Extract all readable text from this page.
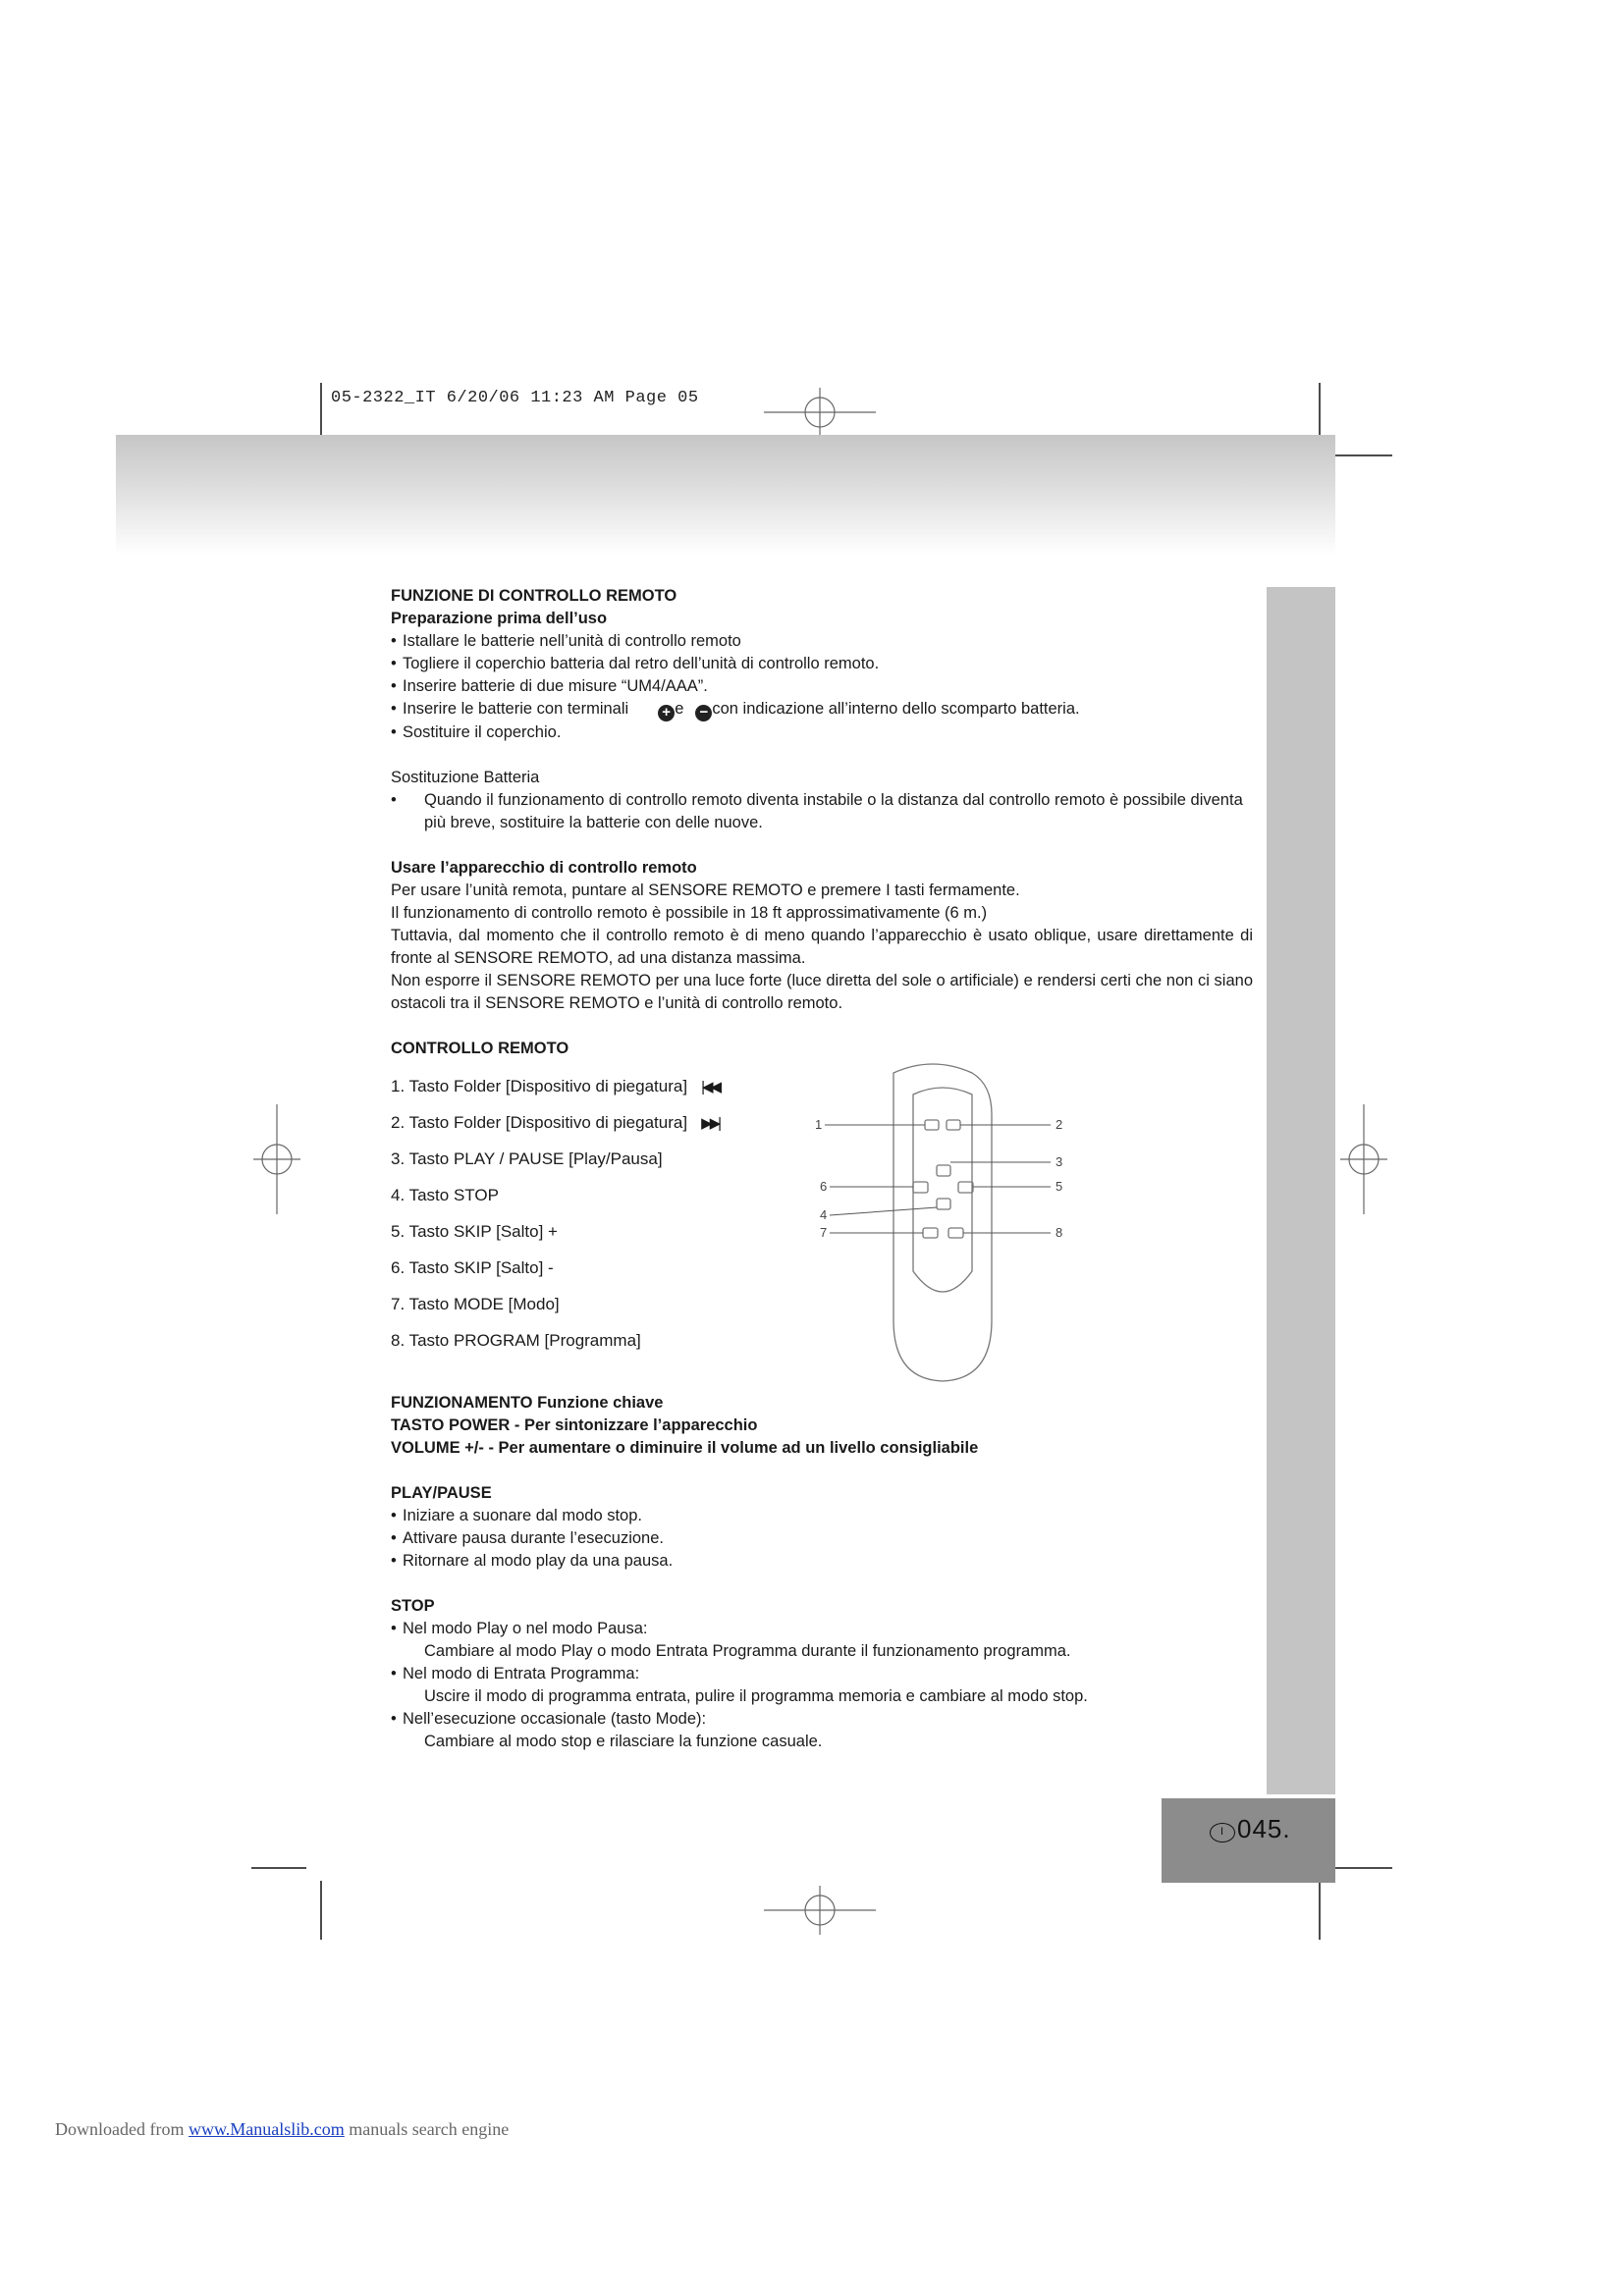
05-2322_IT 6/20/06 11:23 AM Page 05
I 045.

FUNZIONE DI CONTROLLO REMOTO

Preparazione prima dell’uso

• Istallare le batterie nell’unità di controllo remoto
• Togliere il coperchio batteria dal retro dell’unità di controllo remoto.
• Inserire batterie di due misure “UM4/AAA”.
• Inserire le batterie con terminali + e − con indicazione all’interno dello scomparto batteria.
• Sostituire il coperchio.

Sostituzione Batteria

•	Quando il funzionamento di controllo remoto diventa instabile o la distanza dal controllo remoto è possibile diventa più breve, sostituire la batterie con delle nuove.

Usare l’apparecchio di controllo remoto

Per usare l’unità remota, puntare al SENSORE REMOTO e premere I tasti fermamente.

Il funzionamento di controllo remoto è possibile in 18 ft approssimativamente (6 m.)

Tuttavia, dal momento che il controllo remoto è di meno quando l’apparecchio è usato oblique, usare direttamente di fronte al SENSORE REMOTO, ad una distanza massima.

Non esporre il SENSORE REMOTO per una luce forte (luce diretta del sole o artificiale) e rendersi certi che non ci siano ostacoli tra il SENSORE REMOTO e l’unità di controllo remoto.

CONTROLLO REMOTO

1. Tasto Folder [Dispositivo di piegatura] |◀◀
2. Tasto Folder [Dispositivo di piegatura] ▶▶|
3. Tasto PLAY / PAUSE [Play/Pausa]
4. Tasto STOP
5. Tasto SKIP [Salto] +
6. Tasto SKIP [Salto] -
7. Tasto MODE [Modo]
8. Tasto PROGRAM [Programma]
1	2
3
4
5
6
7	8

FUNZIONAMENTO Funzione chiave

TASTO POWER - Per sintonizzare l’apparecchio

VOLUME +/- - Per aumentare o diminuire il volume ad un livello consigliabile

PLAY/PAUSE

• Iniziare a suonare dal modo stop.
• Attivare pausa durante l’esecuzione.
• Ritornare al modo play da una pausa.

STOP

• Nel modo Play o nel modo Pausa:

Cambiare al modo Play o modo Entrata Programma durante il funzionamento programma.

• Nel modo di Entrata Programma:

Uscire il modo di programma entrata, pulire il programma memoria e cambiare al modo stop.

• Nell’esecuzione occasionale (tasto Mode):

Cambiare al modo stop e rilasciare la funzione casuale.

Downloaded from www.Manualslib.com manuals search engine
